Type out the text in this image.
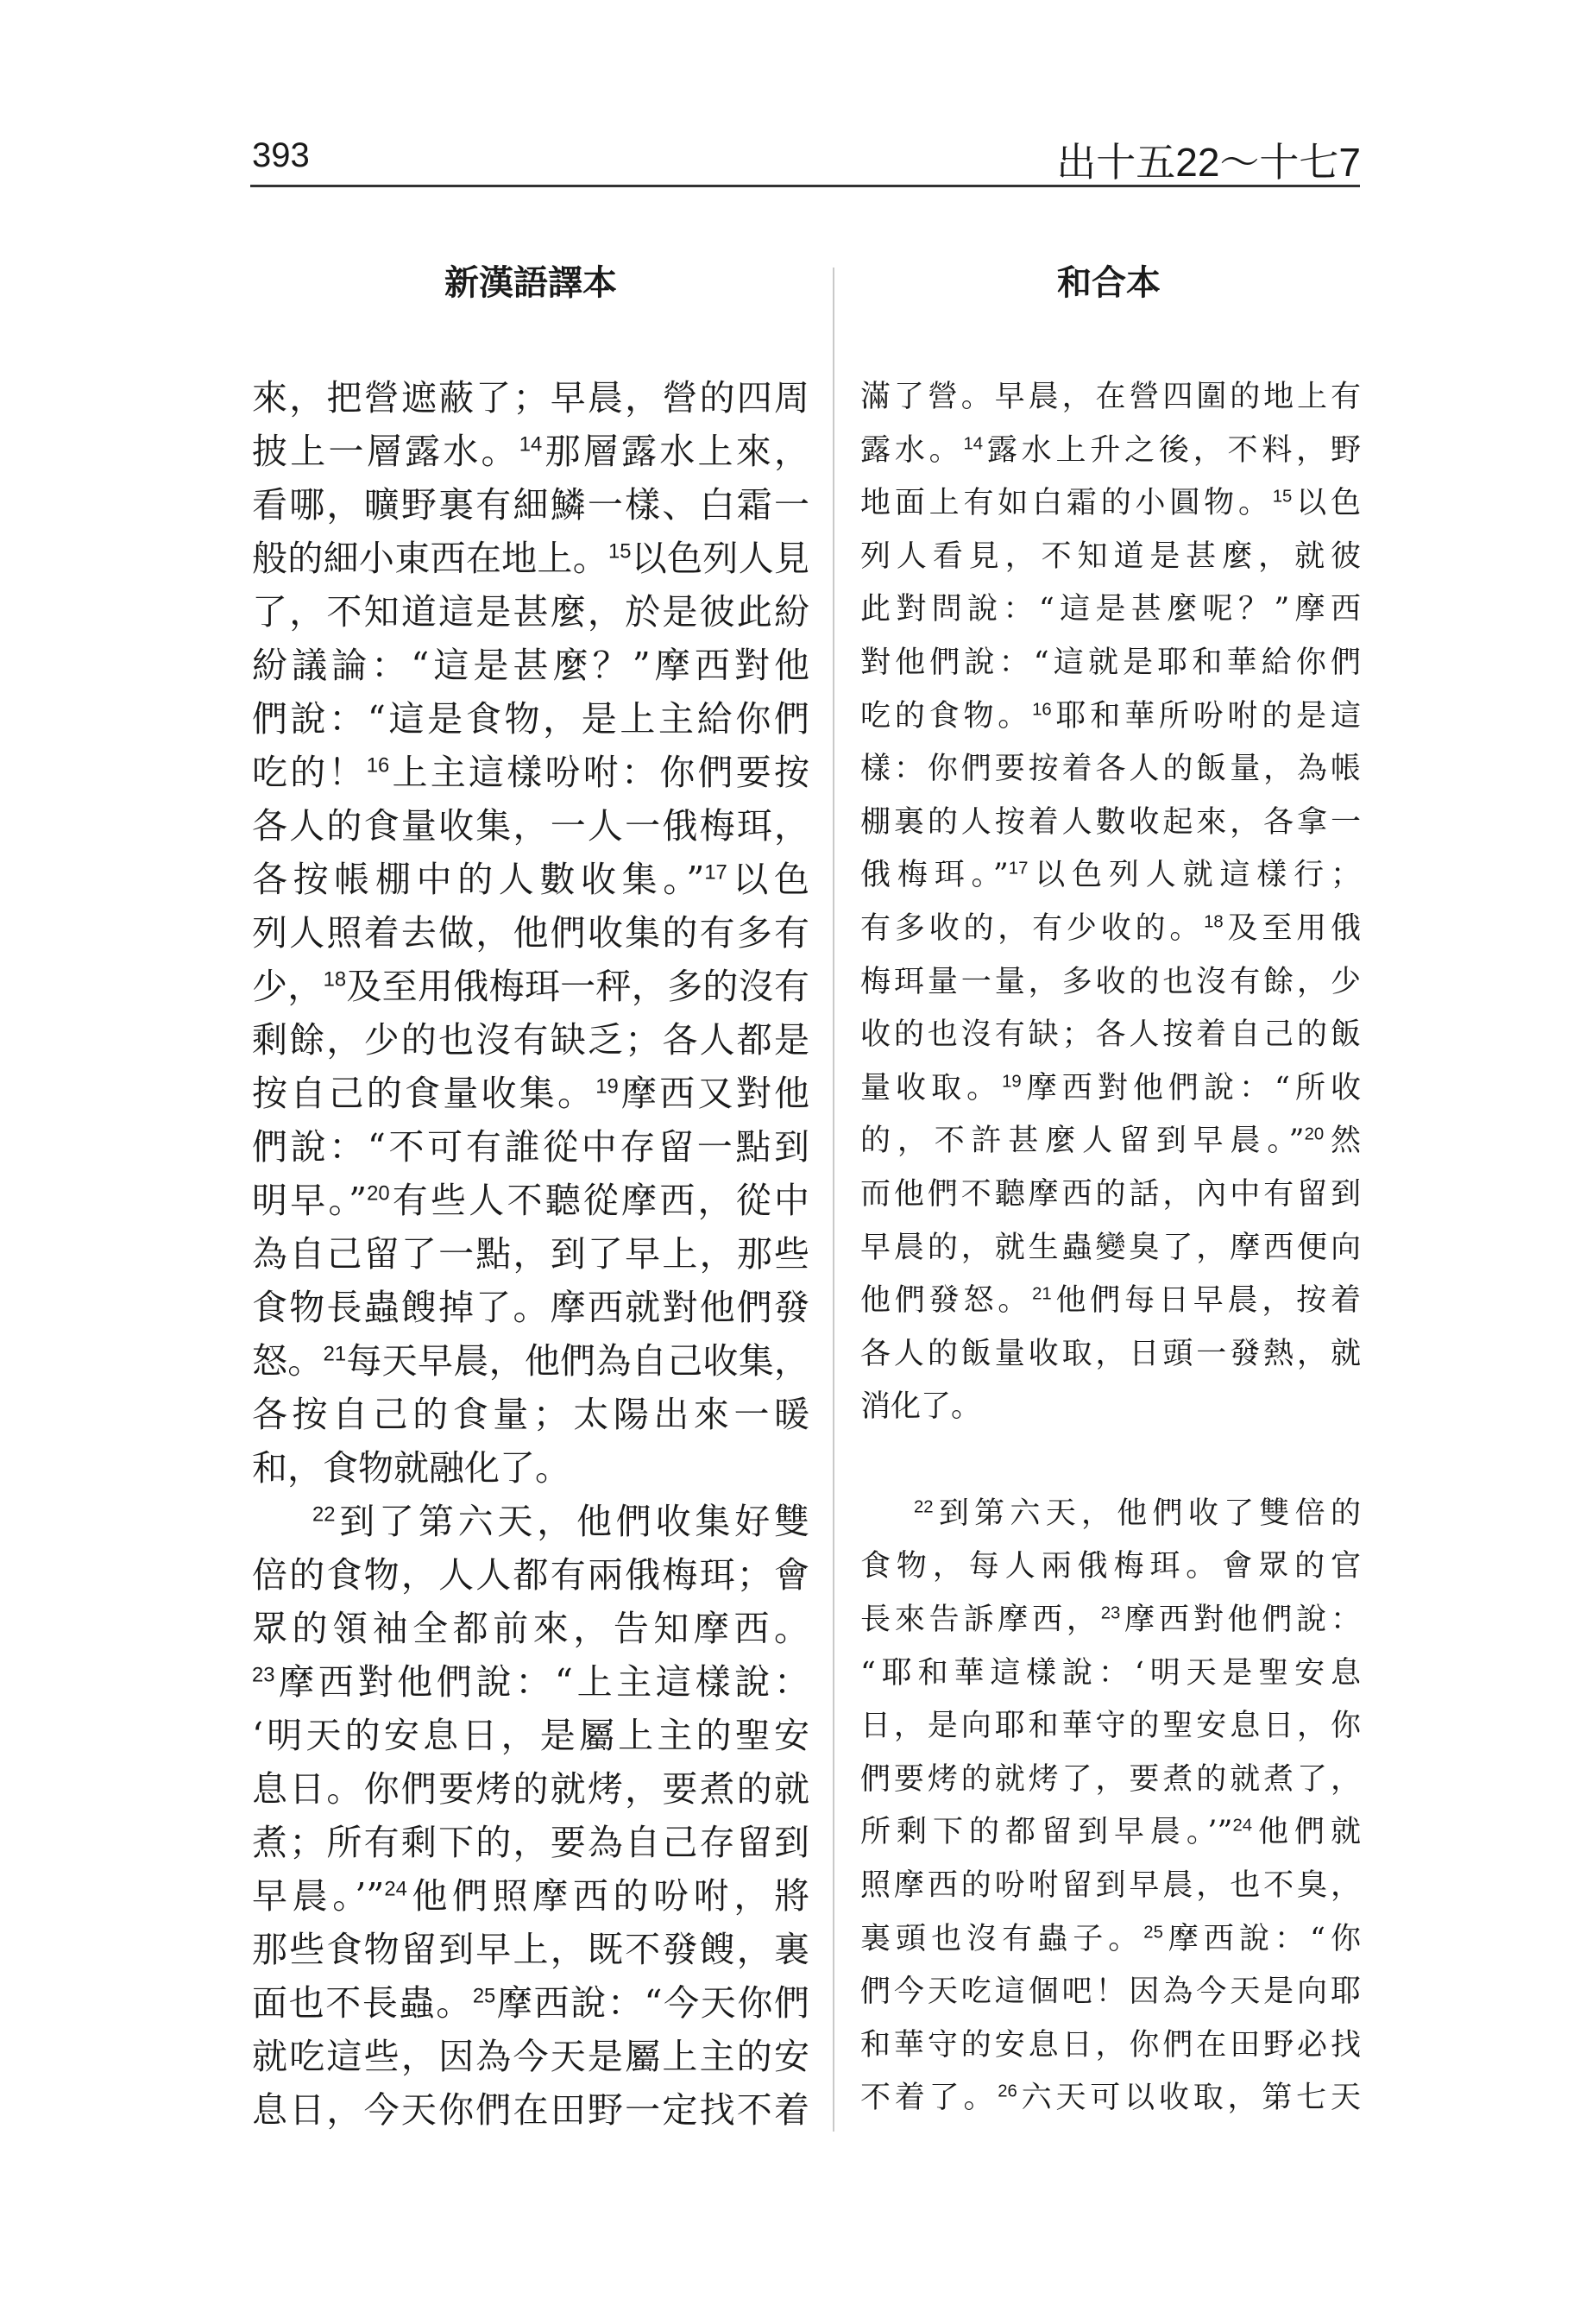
393	出十五22～十七7
新漢語譯本	和合本
來，把營遮蔽了；早晨，營的四周
披上一層露水。$^{14}$那層露水上來，
看哪，曠野裏有細鱗一樣、白霜一
般的細小東西在地上。$^{15}$以色列人見
了，不知道這是甚麼，於是彼此紛
紛議論：“這是甚麼？”摩西對他
們說：“這是食物，是上主給你們
吃的！$^{16}$上主這樣吩咐：你們要按
各人的食量收集，一人一俄梅珥，
各按帳棚中的人數收集。”$^{17}$以色
列人照着去做，他們收集的有多有
少，$^{18}$及至用俄梅珥一秤，多的沒有
剩餘，少的也沒有缺乏；各人都是
按自己的食量收集。$^{19}$摩西又對他
們說：“不可有誰從中存留一點到
明早。”$^{20}$有些人不聽從摩西，從中
為自己留了一點，到了早上，那些
食物長蟲餿掉了。摩西就對他們發
怒。$^{21}$每天早晨，他們為自己收集，
各按自己的食量；太陽出來一暖
和，食物就融化了。
$^{22}$到了第六天，他們收集好雙
倍的食物，人人都有兩俄梅珥；會
眾的領袖全都前來，告知摩西。
$^{23}$摩西對他們說：“上主這樣說：
‘明天的安息日，是屬上主的聖安
息日。你們要烤的就烤，要煮的就
煮；所有剩下的，要為自己存留到
早晨。’”$^{24}$他們照摩西的吩咐，將
那些食物留到早上，既不發餿，裏
面也不長蟲。$^{25}$摩西說：“今天你們
就吃這些，因為今天是屬上主的安
息日，今天你們在田野一定找不着
滿了營。早晨，在營四圍的地上有
露水。$^{14}$露水上升之後，不料，野
地面上有如白霜的小圓物。$^{15}$以色
列人看見，不知道是甚麼，就彼
此對問說：“這是甚麼呢？”摩西
對他們說：“這就是耶和華給你們
吃的食物。$^{16}$耶和華所吩咐的是這
樣：你們要按着各人的飯量，為帳
棚裏的人按着人數收起來，各拿一
俄梅珥。”$^{17}$以色列人就這樣行；
有多收的，有少收的。$^{18}$及至用俄
梅珥量一量，多收的也沒有餘，少
收的也沒有缺；各人按着自己的飯
量收取。$^{19}$摩西對他們說：“所收
的，不許甚麼人留到早晨。”$^{20}$然
而他們不聽摩西的話，內中有留到
早晨的，就生蟲變臭了，摩西便向
他們發怒。$^{21}$他們每日早晨，按着
各人的飯量收取，日頭一發熱，就
消化了。
$^{22}$到第六天，他們收了雙倍的
食物，每人兩俄梅珥。會眾的官
長來告訴摩西，$^{23}$摩西對他們說：
“耶和華這樣說：‘明天是聖安息
日，是向耶和華守的聖安息日，你
們要烤的就烤了，要煮的就煮了，
所剩下的都留到早晨。’”$^{24}$他們就
照摩西的吩咐留到早晨，也不臭，
裏頭也沒有蟲子。$^{25}$摩西說：“你
們今天吃這個吧！因為今天是向耶
和華守的安息日，你們在田野必找
不着了。$^{26}$六天可以收取，第七天
